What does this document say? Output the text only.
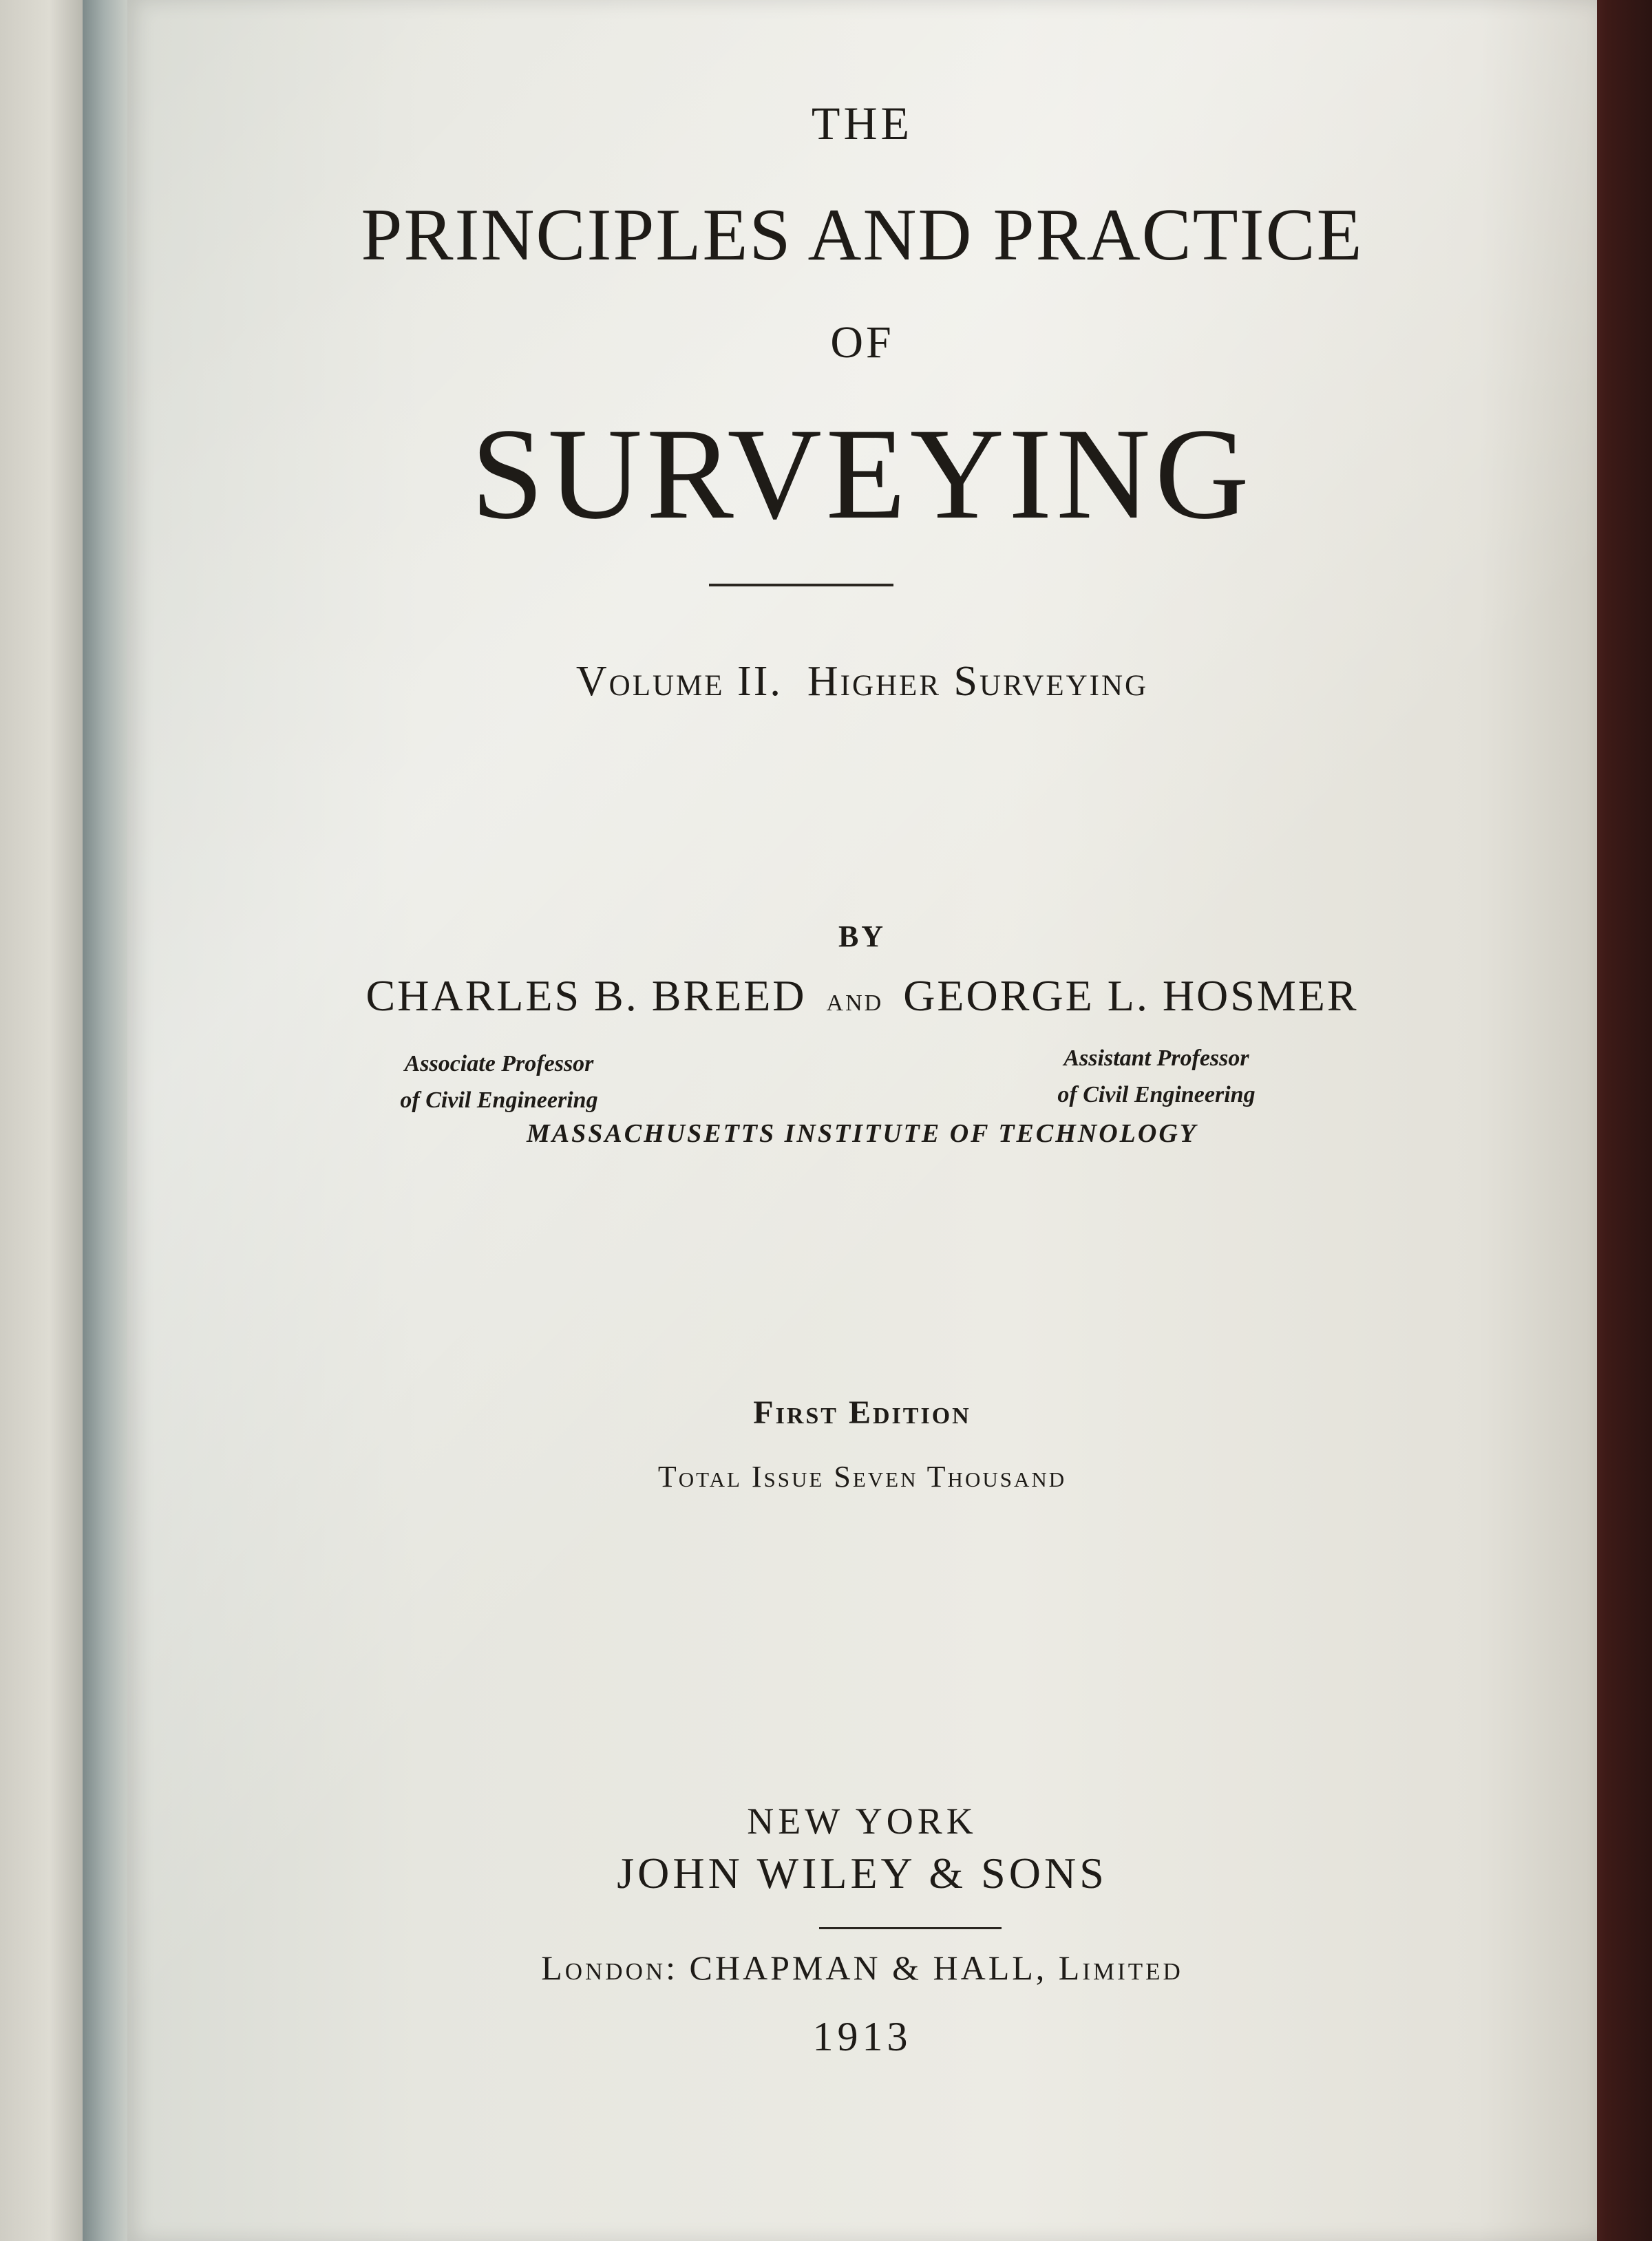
THE
PRINCIPLES AND PRACTICE
OF
SURVEYING
Volume II. Higher Surveying
BY
CHARLES B. BREED and GEORGE L. HOSMER
Associate Professor
of Civil Engineering
Assistant Professor
of Civil Engineering
MASSACHUSETTS INSTITUTE OF TECHNOLOGY
First Edition
Total Issue Seven Thousand
NEW YORK
JOHN WILEY & SONS
London: CHAPMAN & HALL, Limited
1913
